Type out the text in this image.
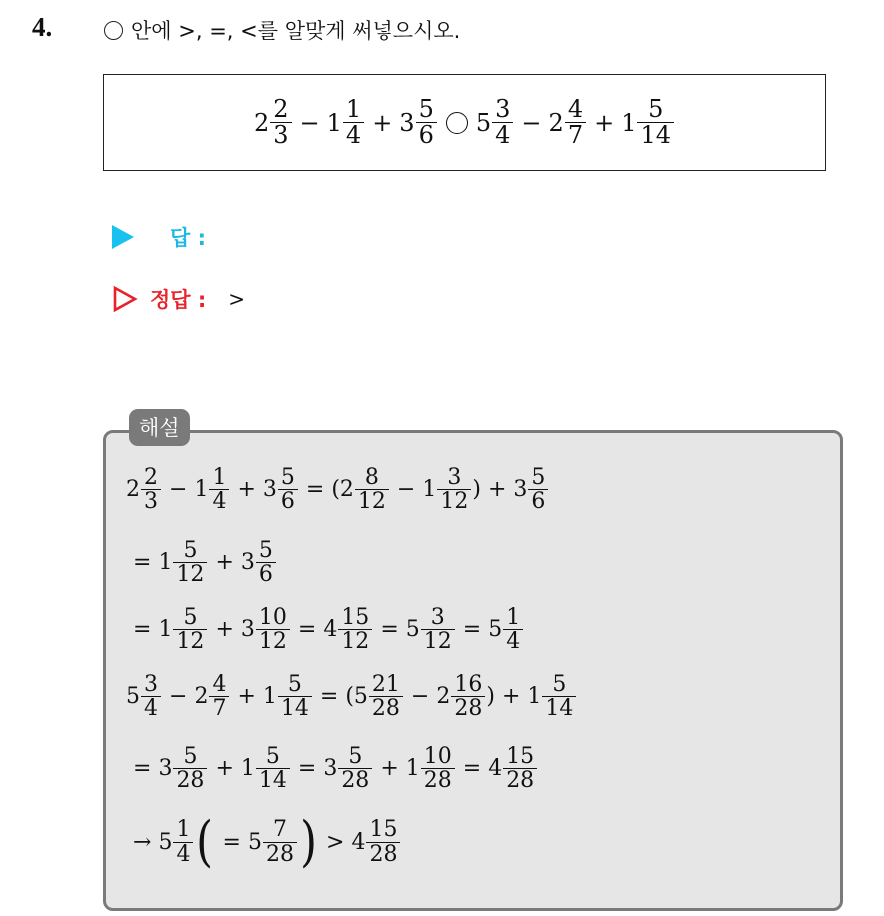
4.	안에 >, =, <를 알맞게 써넣으시오.
$2 \frac{2}{3} - 1 \frac{1}{4} + 3 \frac{5}{6} 5 \frac{3}{4} - 2 \frac{4}{7} + 1 \frac{5}{14}$
답 :
정답 : >
해설
$2 \frac{2}{3} - 1 \frac{1}{4} + 3 \frac{5}{6}$ = ( $2 \frac{8}{12} - 1 \frac{3}{12}$ ) + $3 \frac{5}{6}$
= $1 \frac{5}{12} + 3 \frac{5}{6}$
= $1 \frac{5}{12} + 3 \frac{10}{12} = 4 \frac{15}{12} = 5 \frac{3}{12} = 5 \frac{1}{4}$
$5 \frac{3}{4} - 2 \frac{4}{7} + 1 \frac{5}{14}$ = ( $5 \frac{21}{28} - 2 \frac{16}{28}$ ) + $1 \frac{5}{14}$
= $3 \frac{5}{28} + 1 \frac{5}{14} = 3 \frac{5}{28} + 1 \frac{10}{28} = 4 \frac{15}{28}$
→ $5 \frac{1}{4}$ ( = $5 \frac{7}{28}$ ) > $4 \frac{15}{28}$
